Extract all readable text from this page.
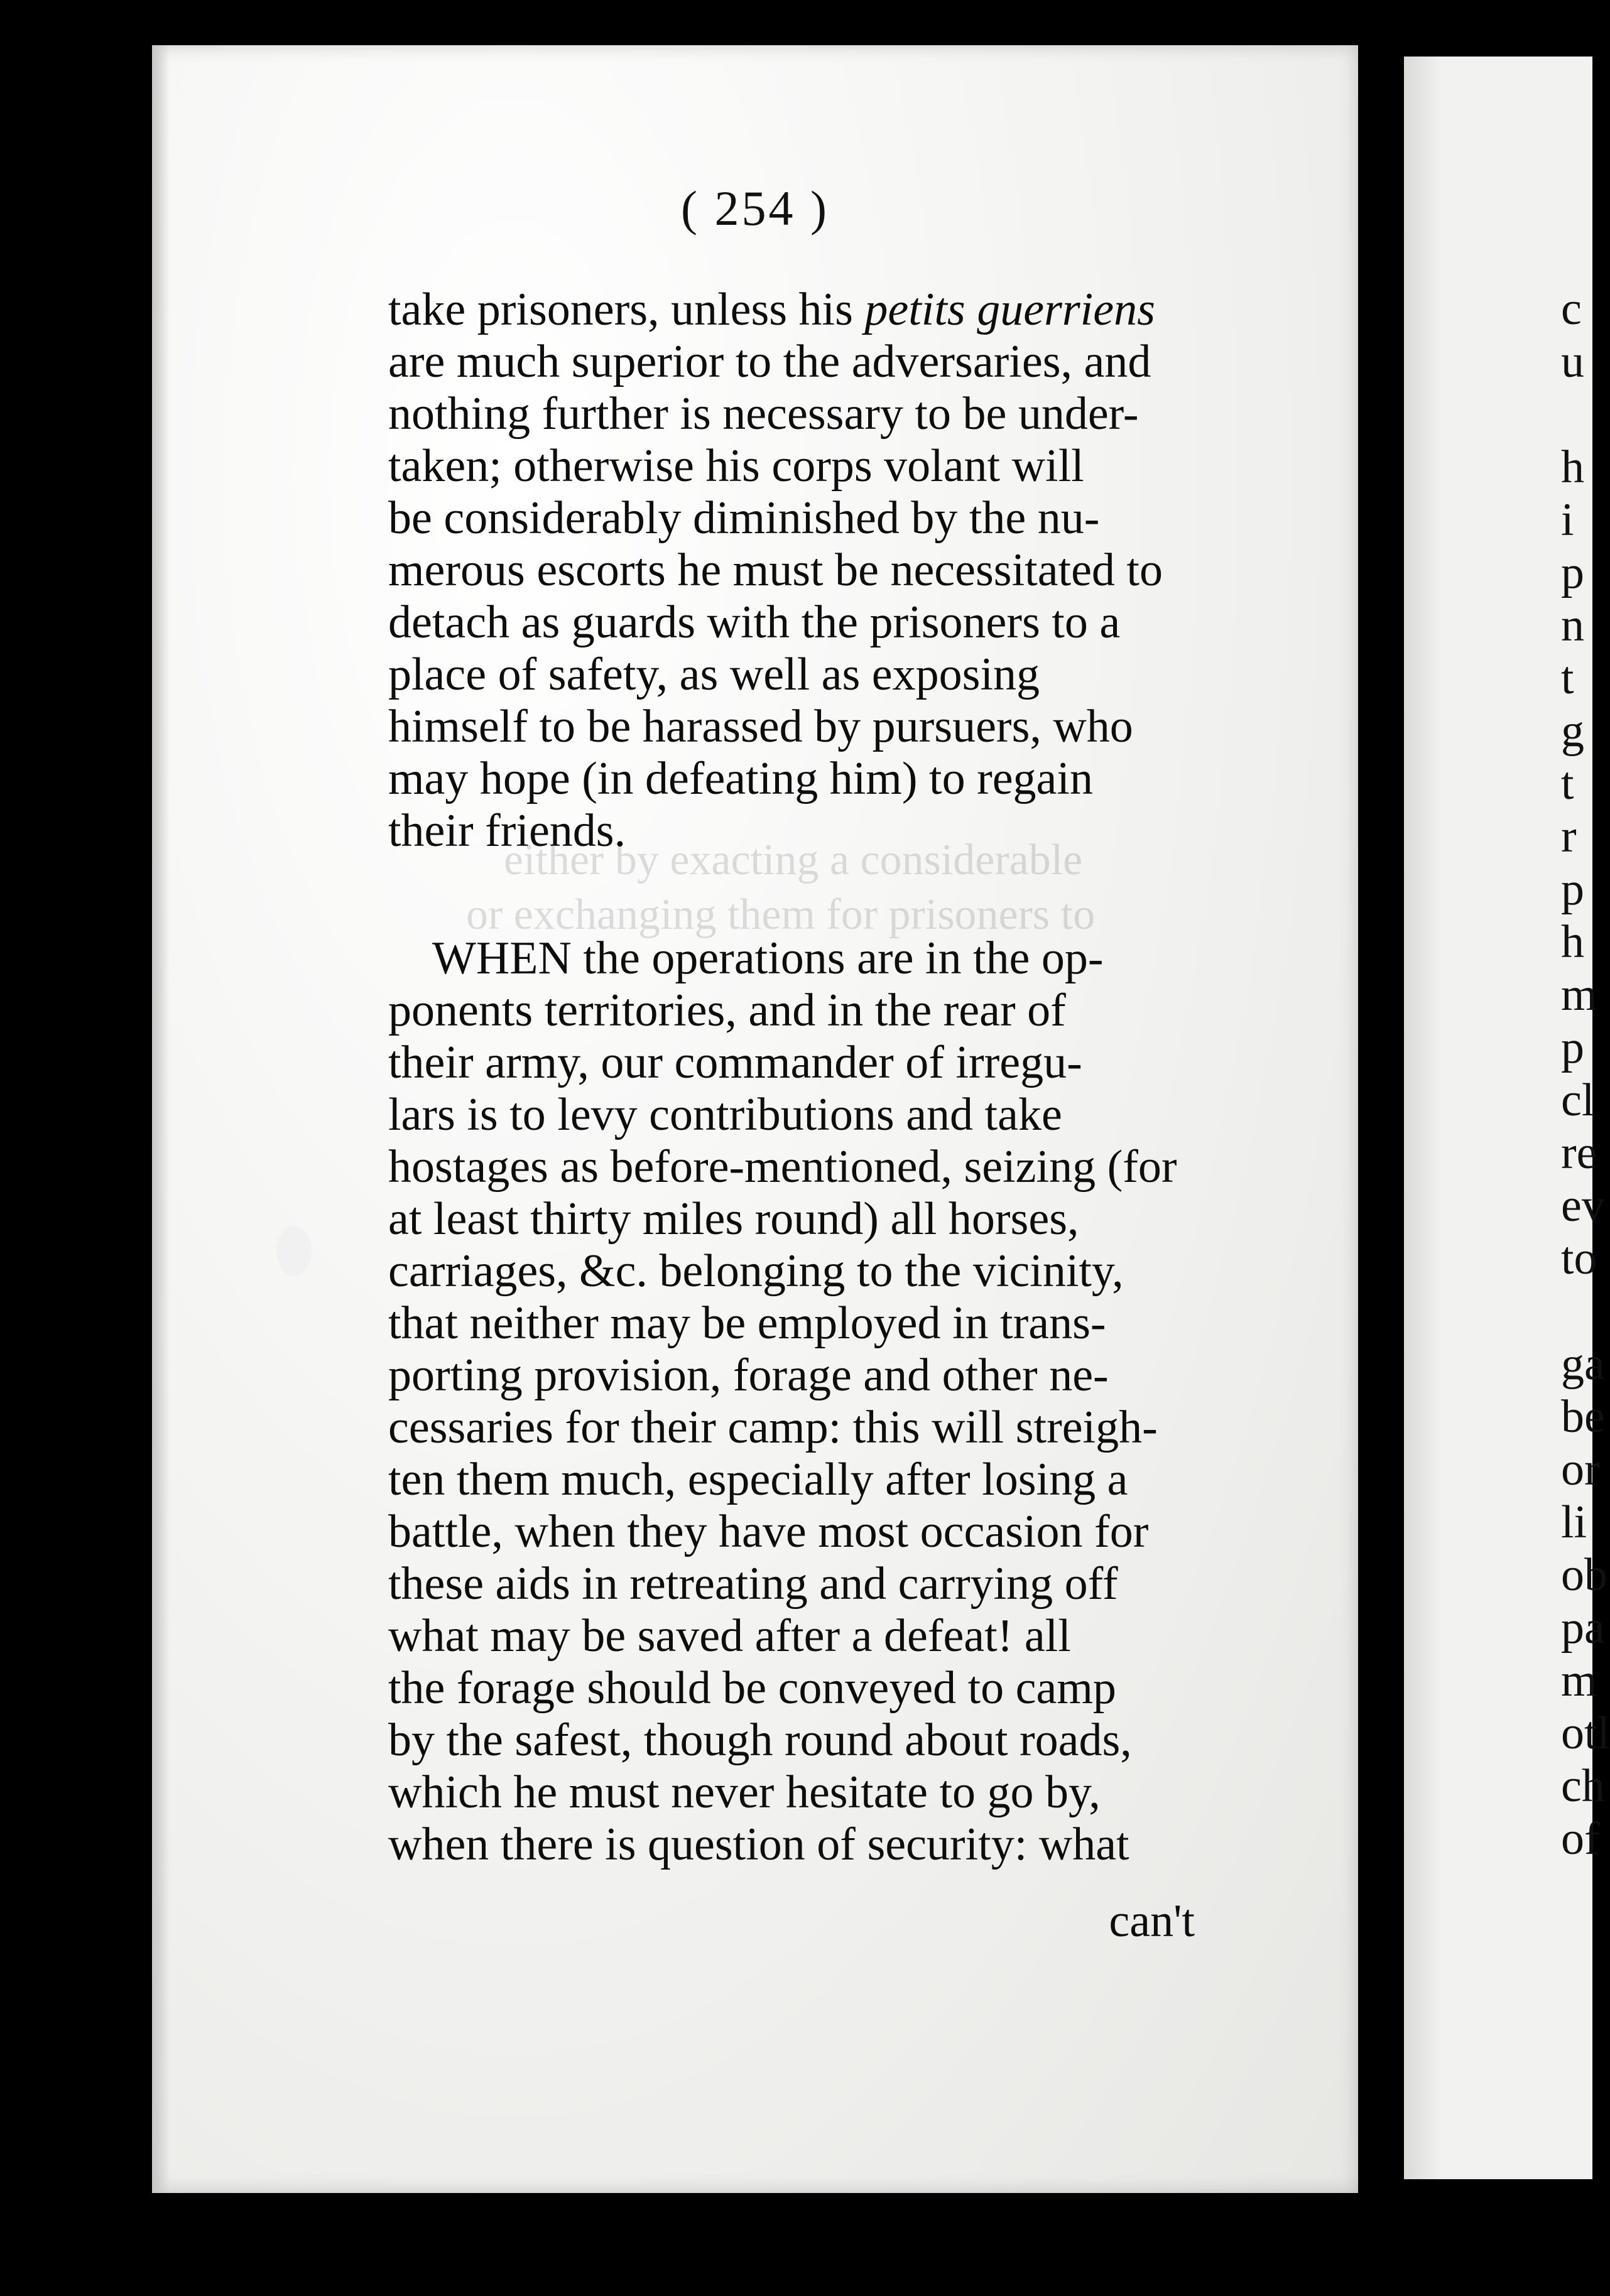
either by exacting a considerable
or exchanging them for prisoners to
( 254 )
take prisoners, unless his petits guerriens
are much superior to the adversaries, and
nothing further is necessary to be under-
taken; otherwise his corps volant will
be considerably diminished by the nu-
merous escorts he must be necessitated to
detach as guards with the prisoners to a
place of safety, as well as exposing
himself to be harassed by pursuers, who
may hope (in defeating him) to regain
their friends.
WHEN the operations are in the op-
ponents territories, and in the rear of
their army, our commander of irregu-
lars is to levy contributions and take
hostages as before-mentioned, seizing (for
at least thirty miles round) all horses,
carriages, &c. belonging to the vicinity,
that neither may be employed in trans-
porting provision, forage and other ne-
cessaries for their camp: this will streigh-
ten them much, especially after losing a
battle, when they have most occasion for
these aids in retreating and carrying off
what may be saved after a defeat! all
the forage should be conveyed to camp
by the safest, though round about roads,
which he must never hesitate to go by,
when there is question of security: what
can't
c
u
h
i
p
n
t
g
t
r
p
h
m
p
cl
re
ev
to
ga
be
or
li
ob
pa
m
otl
ch
of
